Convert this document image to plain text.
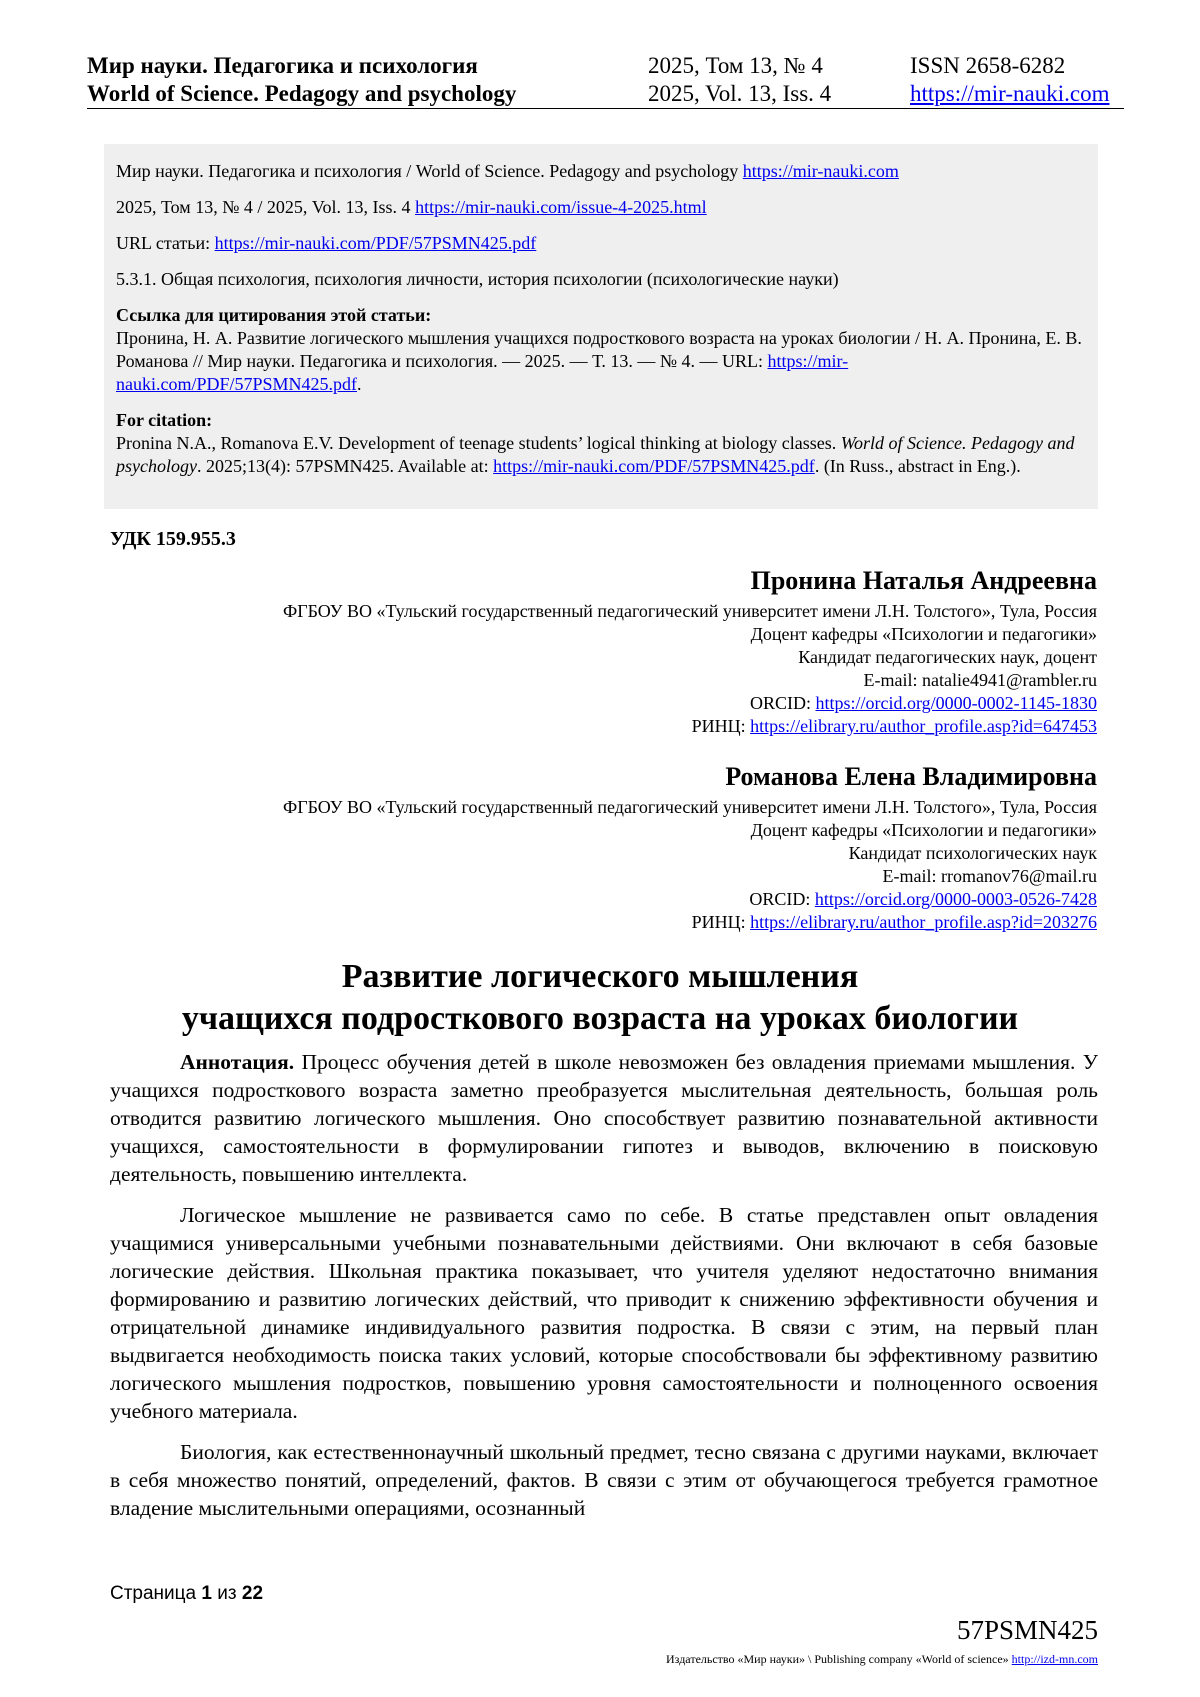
Мир науки. Педагогика и психология	2025, Том 13, № 4	ISSN 2658-6282
World of Science. Pedagogy and psychology	2025, Vol. 13, Iss. 4	https://mir-nauki.com

Мир науки. Педагогика и психология / World of Science. Pedagogy and psychology https://mir-nauki.com

2025, Том 13, № 4 / 2025, Vol. 13, Iss. 4 https://mir-nauki.com/issue-4-2025.html

URL статьи: https://mir-nauki.com/PDF/57PSMN425.pdf

5.3.1. Общая психология, психология личности, история психологии (психологические науки)

Ссылка для цитирования этой статьи:

Пронина, Н. А. Развитие логического мышления учащихся подросткового возраста на уроках биологии / Н. А. Пронина, Е. В. Романова // Мир науки. Педагогика и психология. — 2025. — Т. 13. — № 4. — URL: https://mir-nauki.com/PDF/57PSMN425.pdf.

For citation:

Pronina N.A., Romanova E.V. Development of teenage students’ logical thinking at biology classes. World of Science. Pedagogy and psychology. 2025;13(4): 57PSMN425. Available at: https://mir-nauki.com/PDF/57PSMN425.pdf. (In Russ., abstract in Eng.).

УДК 159.955.3
Пронина Наталья Андреевна
ФГБОУ ВО «Тульский государственный педагогический университет имени Л.Н. Толстого», Тула, Россия
Доцент кафедры «Психологии и педагогики»
Кандидат педагогических наук, доцент
E-mail: natalie4941@rambler.ru
ORCID: https://orcid.org/0000-0002-1145-1830
РИНЦ: https://elibrary.ru/author_profile.asp?id=647453
Романова Елена Владимировна
ФГБОУ ВО «Тульский государственный педагогический университет имени Л.Н. Толстого», Тула, Россия
Доцент кафедры «Психологии и педагогики»
Кандидат психологических наук
E-mail: rromanov76@mail.ru
ORCID: https://orcid.org/0000-0003-0526-7428
РИНЦ: https://elibrary.ru/author_profile.asp?id=203276
Развитие логического мышления
учащихся подросткового возраста на уроках биологии

Аннотация. Процесс обучения детей в школе невозможен без овладения приемами мышления. У учащихся подросткового возраста заметно преобразуется мыслительная деятельность, большая роль отводится развитию логического мышления. Оно способствует развитию познавательной активности учащихся, самостоятельности в формулировании гипотез и выводов, включению в поисковую деятельность, повышению интеллекта.

Логическое мышление не развивается само по себе. В статье представлен опыт овладения учащимися универсальными учебными познавательными действиями. Они включают в себя базовые логические действия. Школьная практика показывает, что учителя уделяют недостаточно внимания формированию и развитию логических действий, что приводит к снижению эффективности обучения и отрицательной динамике индивидуального развития подростка. В связи с этим, на первый план выдвигается необходимость поиска таких условий, которые способствовали бы эффективному развитию логического мышления подростков, повышению уровня самостоятельности и полноценного освоения учебного материала.

Биология, как естественнонаучный школьный предмет, тесно связана с другими науками, включает в себя множество понятий, определений, фактов. В связи с этим от обучающегося требуется грамотное владение мыслительными операциями, осознанный

Страница 1 из 22
57PSMN425
Издательство «Мир науки» \ Publishing company «World of science» http://izd-mn.com
